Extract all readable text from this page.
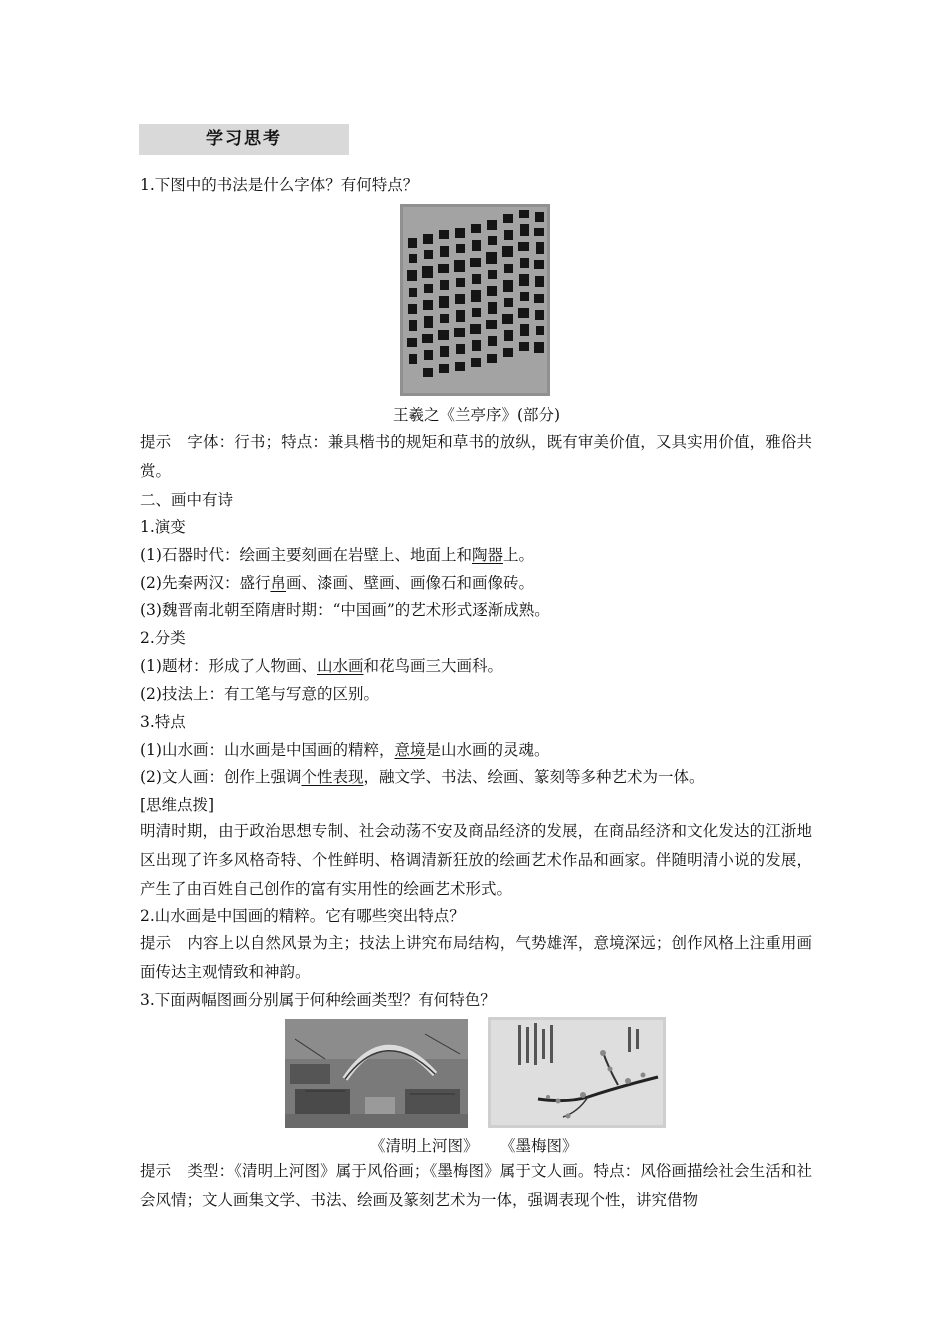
学习思考
1.下图中的书法是什么字体？有何特点？
王羲之《兰亭序》(部分)
提示 字体：行书；特点：兼具楷书的规矩和草书的放纵，既有审美价值，又具实用价值，雅俗共赏。
二、画中有诗
1.演变
(1)石器时代：绘画主要刻画在岩壁上、地面上和陶器上。
(2)先秦两汉：盛行帛画、漆画、壁画、画像石和画像砖。
(3)魏晋南北朝至隋唐时期：“中国画”的艺术形式逐渐成熟。
2.分类
(1)题材：形成了人物画、山水画和花鸟画三大画科。
(2)技法上：有工笔与写意的区别。
3.特点
(1)山水画：山水画是中国画的精粹，意境是山水画的灵魂。
(2)文人画：创作上强调个性表现，融文学、书法、绘画、篆刻等多种艺术为一体。
[思维点拨]
明清时期，由于政治思想专制、社会动荡不安及商品经济的发展，在商品经济和文化发达的江浙地区出现了许多风格奇特、个性鲜明、格调清新狂放的绘画艺术作品和画家。伴随明清小说的发展，产生了由百姓自己创作的富有实用性的绘画艺术形式。
2.山水画是中国画的精粹。它有哪些突出特点？
提示 内容上以自然风景为主；技法上讲究布局结构，气势雄浑，意境深远；创作风格上注重用画面传达主观情致和神韵。
3.下面两幅图画分别属于何种绘画类型？有何特色？
《清明上河图》 《墨梅图》
提示 类型：《清明上河图》属于风俗画；《墨梅图》属于文人画。特点：风俗画描绘社会生活和社会风情；文人画集文学、书法、绘画及篆刻艺术为一体，强调表现个性，讲究借物
